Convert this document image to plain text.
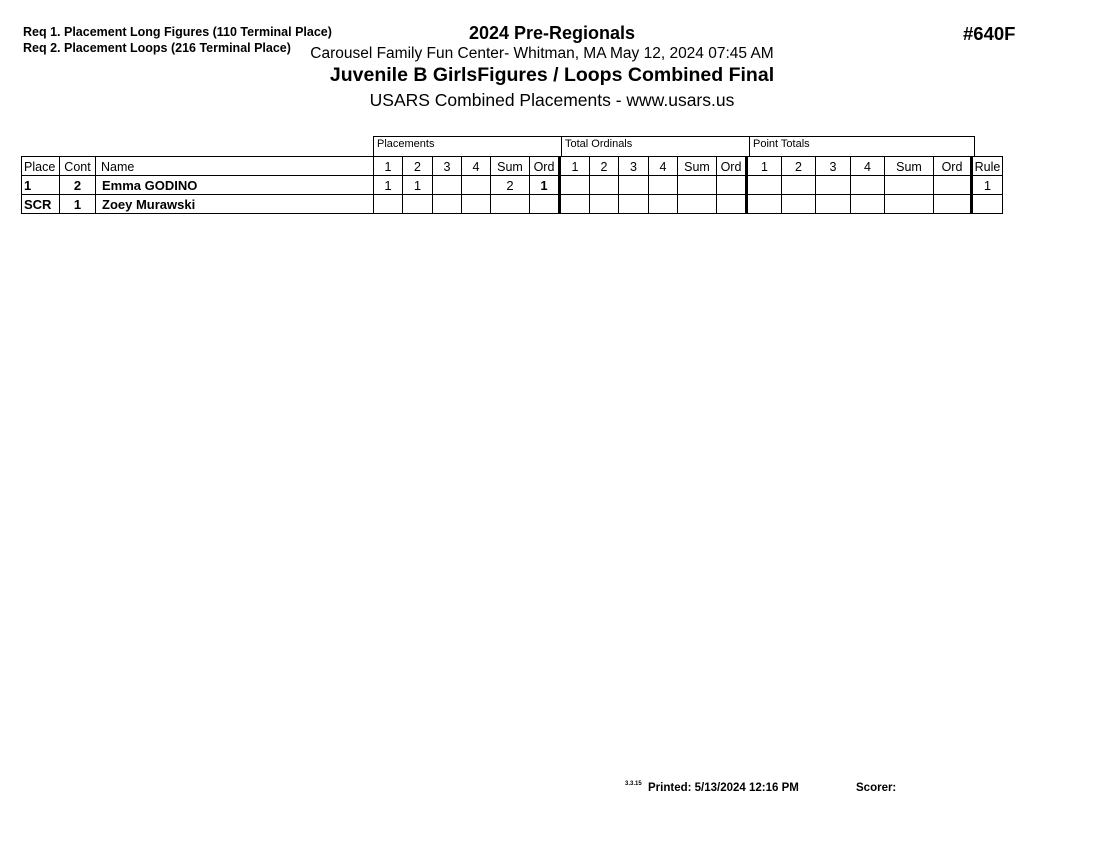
Req 1. Placement Long Figures (110 Terminal Place)
Req 2. Placement Loops (216 Terminal Place)
2024 Pre-Regionals
Carousel Family Fun Center- Whitman, MA May 12, 2024 07:45 AM
Juvenile B GirlsFigures / Loops Combined Final
USARS Combined Placements - www.usars.us
#640F
Placements	Total Ordinals	Point Totals
Place	Cont	Name	1	2	3	4	Sum	Ord	1	2	3	4	Sum	Ord	1	2	3	4	Sum	Ord	Rule
1	2	Emma GODINO	1	1			2	1													1
SCR	1	Zoey Murawski																			
3.3.15 Printed: 5/13/2024 12:16 PM	Scorer:
